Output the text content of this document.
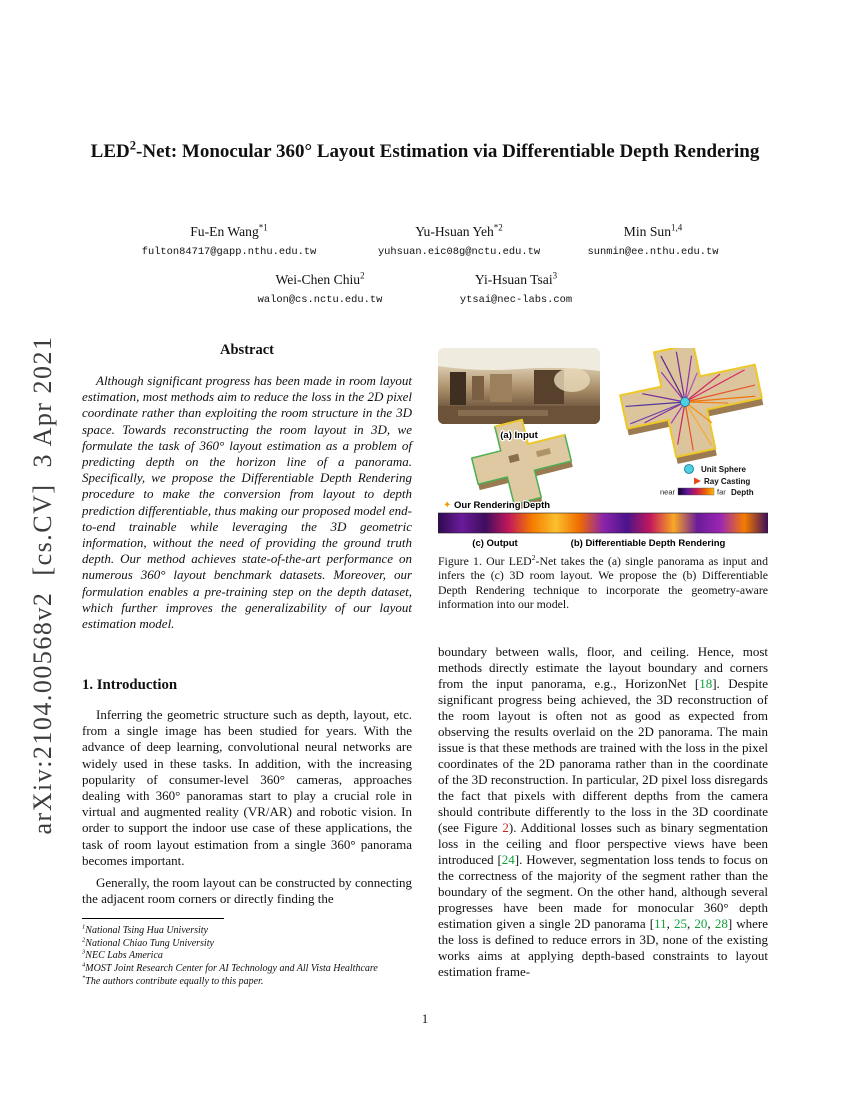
arXiv:2104.00568v2  [cs.CV]  3 Apr 2021
LED$^2$-Net: Monocular 360° Layout Estimation via Differentiable Depth Rendering
Fu-En Wang$^{*1}$
fulton84717@gapp.nthu.edu.tw
Yu-Hsuan Yeh$^{*2}$
yuhsuan.eic08g@nctu.edu.tw
Min Sun$^{1,4}$
sunmin@ee.nthu.edu.tw
Wei-Chen Chiu$^2$
walon@cs.nctu.edu.tw
Yi-Hsuan Tsai$^3$
ytsai@nec-labs.com
Abstract

Although significant progress has been made in room layout estimation, most methods aim to reduce the loss in the 2D pixel coordinate rather than exploiting the room structure in the 3D space. Towards reconstructing the room layout in 3D, we formulate the task of 360° layout estimation as a problem of predicting depth on the horizon line of a panorama. Specifically, we propose the Differentiable Depth Rendering procedure to make the conversion from layout to depth prediction differentiable, thus making our proposed model end-to-end trainable while leveraging the 3D geometric information, without the need of providing the ground truth depth. Our method achieves state-of-the-art performance on numerous 360° layout benchmark datasets. Moreover, our formulation enables a pre-training step on the depth dataset, which further improves the generalizability of our layout estimation model.

1. Introduction

Inferring the geometric structure such as depth, layout, etc. from a single image has been studied for years. With the advance of deep learning, convolutional neural networks are widely used in these tasks. In addition, with the increasing popularity of consumer-level 360° cameras, approaches dealing with 360° panoramas start to play a crucial role in virtual and augmented reality (VR/AR) and robotic vision. In order to support the indoor use case of these applications, the task of room layout estimation from a single 360° panorama becomes important.

Generally, the room layout can be constructed by connecting the adjacent room corners or directly finding the

$^1$National Tsing Hua University
$^2$National Chiao Tung University
$^3$NEC Labs America
$^4$MOST Joint Research Center for AI Technology and All Vista Healthcare
*The authors contribute equally to this paper.
Unit Sphere
Ray Casting
near	far Depth
✦ Our Rendering Depth
(a) Input
(c) Output	(b) Differentiable Depth Rendering

Figure 1. Our LED$^2$-Net takes the (a) single panorama as input and infers the (c) 3D room layout. We propose the (b) Differentiable Depth Rendering technique to incorporate the geometry-aware information into our model.

boundary between walls, floor, and ceiling. Hence, most methods directly estimate the layout boundary and corners from the input panorama, e.g., HorizonNet [18]. Despite significant progress being achieved, the 3D reconstruction of the room layout is often not as good as expected from observing the results overlaid on the 2D panorama. The main issue is that these methods are trained with the loss in the pixel coordinates of the 2D panorama rather than in the coordinate of the 3D reconstruction. In particular, 2D pixel loss disregards the fact that pixels with different depths from the camera should contribute differently to the loss in the 3D coordinate (see Figure 2). Additional losses such as binary segmentation loss in the ceiling and floor perspective views have been introduced [24]. However, segmentation loss tends to focus on the correctness of the majority of the segment rather than the boundary of the segment. On the other hand, although several progresses have been made for monocular 360° depth estimation given a single 2D panorama [11, 25, 20, 28] where the loss is defined to reduce errors in 3D, none of the existing works aims at applying depth-based constraints to layout estimation frame-

1
